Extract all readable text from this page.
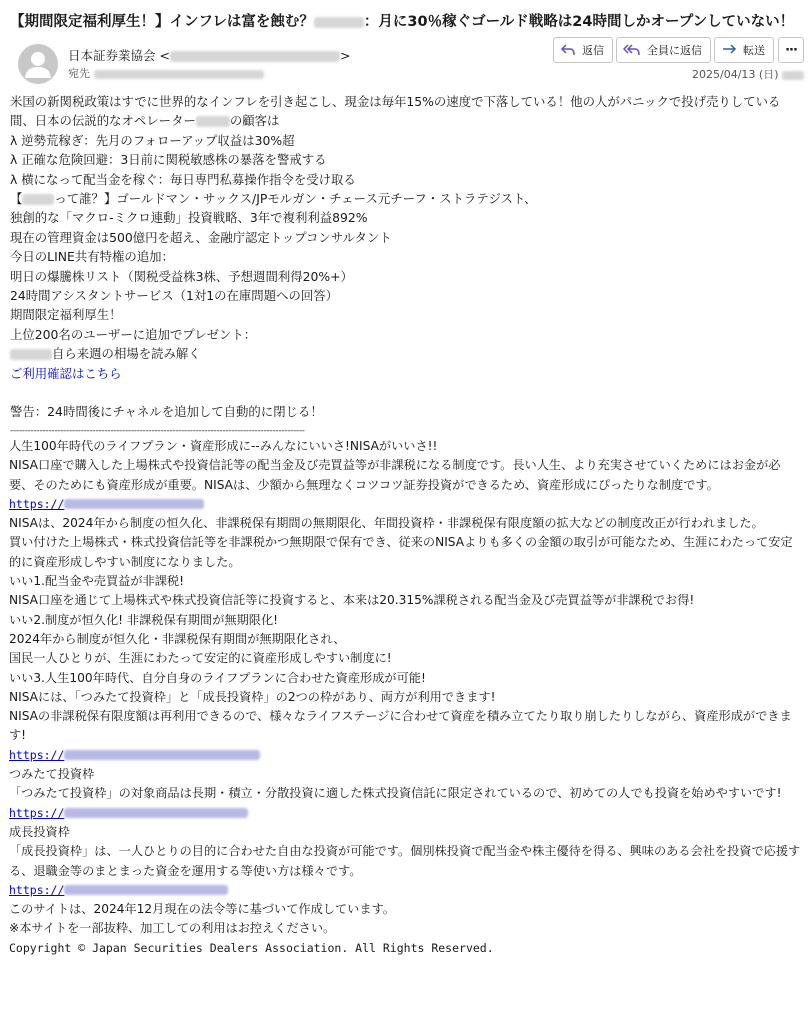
【期間限定福利厚生！】インフレは富を蝕む？	：月に30％稼ぐゴールド戦略は24時間しかオープンしていない！
日本証券業協会 <	>
宛先
返信	全員に返信	転送 ···
2025/04/13 (日)
米国の新関税政策はすでに世界的なインフレを引き起こし、現金は毎年15%の速度で下落している！他の人がパニックで投げ売りしている間、日本の伝説的なオペレーター	の顧客は
λ 逆勢荒稼ぎ：先月のフォローアップ収益は30%超
λ 正確な危険回避：3日前に関税敏感株の暴落を警戒する
λ 横になって配当金を稼ぐ：毎日専門私募操作指令を受け取る
【	って誰？】ゴールドマン・サックス/JPモルガン・チェース元チーフ・ストラテジスト、
独創的な「マクロ-ミクロ連動」投資戦略、3年で複利利益892%
現在の管理資金は500億円を超え、金融庁認定トップコンサルタント
今日のLINE共有特権の追加：
明日の爆騰株リスト（関税受益株3株、予想週間利得20%+）
24時間アシスタントサービス（1対1の在庫問題への回答）
期間限定福利厚生！
上位200名のユーザーに追加でプレゼント：
自ら来週の相場を読み解く
ご利用確認はこちら
警告：24時間後にチャネルを追加して自動的に閉じる！
----------------------------------------------------------------------------------------------------
人生100年時代のライフプラン・資産形成に--みんなにいいさ!NISAがいいさ!!
NISA口座で購入した上場株式や投資信託等の配当金及び売買益等が非課税になる制度です。長い人生、より充実させていくためにはお金が必要、そのためにも資産形成が重要。NISAは、少額から無理なくコツコツ証券投資ができるため、資産形成にぴったりな制度です。
https://
NISAは、2024年から制度の恒久化、非課税保有期間の無期限化、年間投資枠・非課税保有限度額の拡大などの制度改正が行われました。
買い付けた上場株式・株式投資信託等を非課税かつ無期限で保有でき、従来のNISAよりも多くの金額の取引が可能なため、生涯にわたって安定的に資産形成しやすい制度になりました。
いい1.配当金や売買益が非課税!
NISA口座を通じて上場株式や株式投資信託等に投資すると、本来は20.315%課税される配当金及び売買益等が非課税でお得!
いい2.制度が恒久化! 非課税保有期間が無期限化!
2024年から制度が恒久化・非課税保有期間が無期限化され、
国民一人ひとりが、生涯にわたって安定的に資産形成しやすい制度に!
いい3.人生100年時代、自分自身のライフプランに合わせた資産形成が可能!
NISAには、「つみたて投資枠」と「成長投資枠」の2つの枠があり、両方が利用できます!
NISAの非課税保有限度額は再利用できるので、様々なライフステージに合わせて資産を積み立てたり取り崩したりしながら、資産形成ができます!
https://
つみたて投資枠
「つみたて投資枠」の対象商品は長期・積立・分散投資に適した株式投資信託に限定されているので、初めての人でも投資を始めやすいです!
https://
成長投資枠
「成長投資枠」は、一人ひとりの目的に合わせた自由な投資が可能です。個別株投資で配当金や株主優待を得る、興味のある会社を投資で応援する、退職金等のまとまった資金を運用する等使い方は様々です。
https://
このサイトは、2024年12月現在の法令等に基づいて作成しています。
※本サイトを一部抜粋、加工しての利用はお控えください。
Copyright © Japan Securities Dealers Association. All Rights Reserved.
